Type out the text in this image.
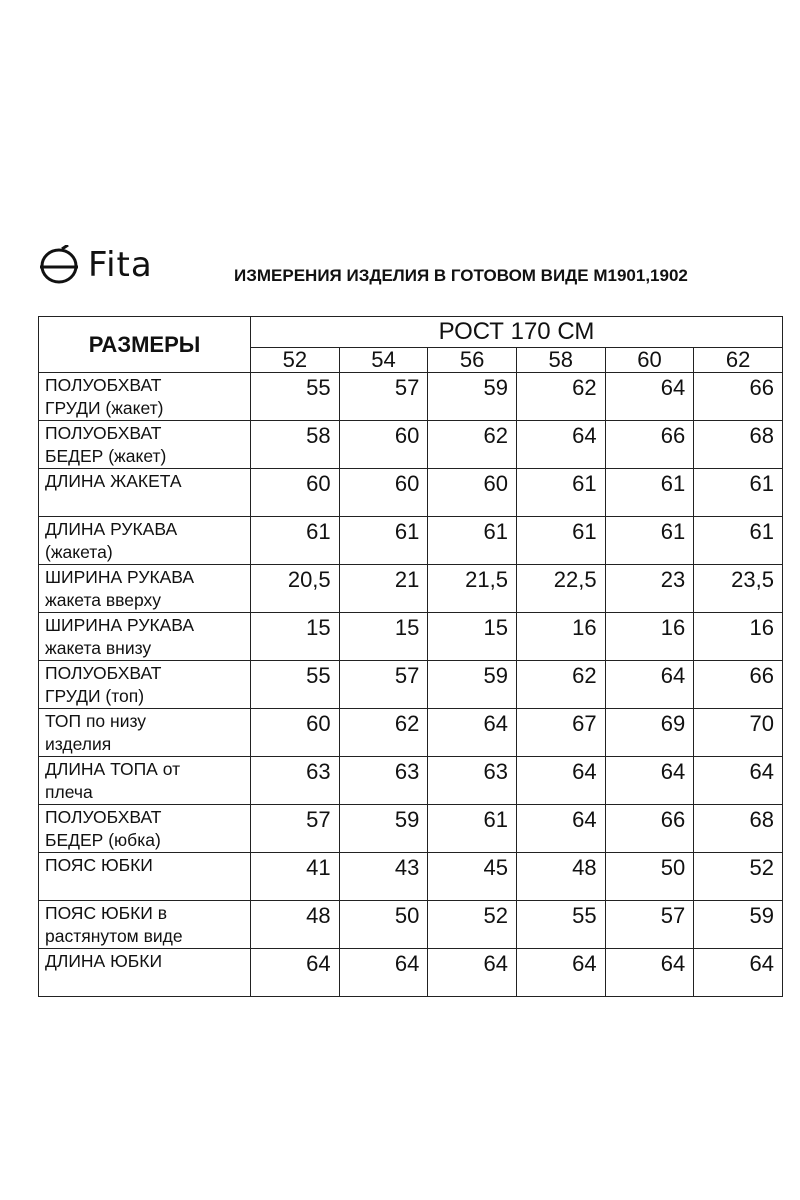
Fita	ИЗМЕРЕНИЯ ИЗДЕЛИЯ В ГОТОВОМ ВИДЕ М1901,1902
РАЗМЕРЫ	РОСТ 170 СМ					
	52	54	56	58	60	62

ПОЛУОБХВАТ
ГРУДИ (жакет)	55	57	59	62	64	66

ПОЛУОБХВАТ
БЕДЕР (жакет)	58	60	62	64	66	68

ДЛИНА ЖАКЕТА	60	60	60	61	61	61

ДЛИНА РУКАВА
(жакета)	61	61	61	61	61	61

ШИРИНА РУКАВА
жакета вверху	20,5	21	21,5	22,5	23	23,5

ШИРИНА РУКАВА
жакета внизу	15	15	15	16	16	16

ПОЛУОБХВАТ
ГРУДИ (топ)	55	57	59	62	64	66

ТОП по низу
изделия	60	62	64	67	69	70

ДЛИНА ТОПА от
плеча	63	63	63	64	64	64

ПОЛУОБХВАТ
БЕДЕР (юбка)	57	59	61	64	66	68

ПОЯС ЮБКИ	41	43	45	48	50	52

ПОЯС ЮБКИ в
растянутом виде	48	50	52	55	57	59

ДЛИНА ЮБКИ	64	64	64	64	64	64
